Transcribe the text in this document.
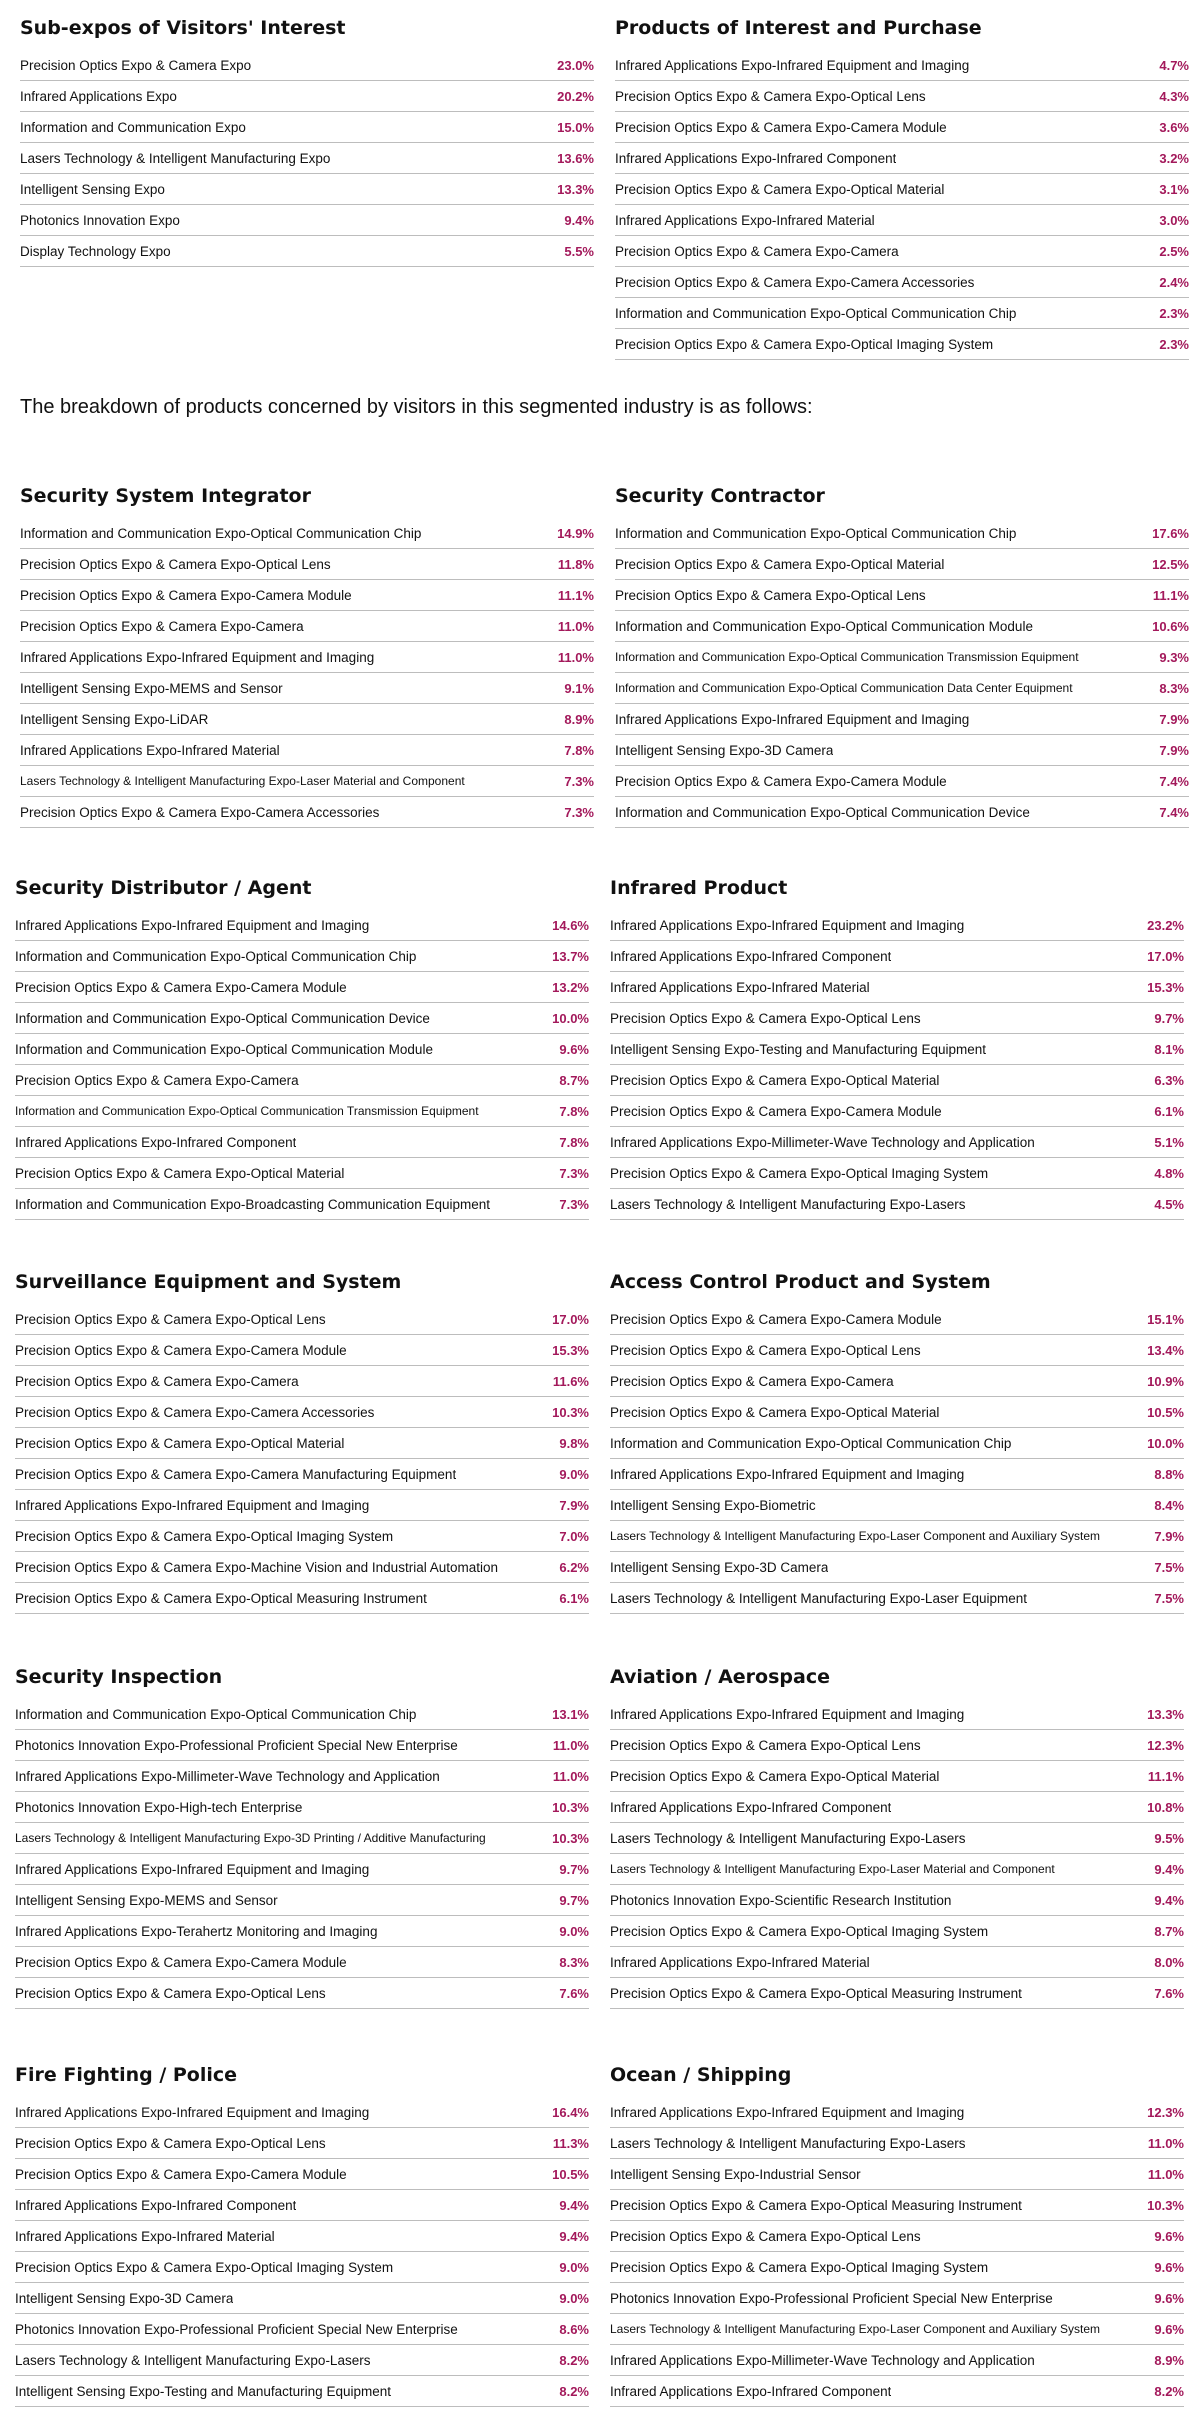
Sub-expos of Visitors' Interest
Precision Optics Expo & Camera Expo	23.0%
Infrared Applications Expo	20.2%
Information and Communication Expo	15.0%
Lasers Technology & Intelligent Manufacturing Expo	13.6%
Intelligent Sensing Expo	13.3%
Photonics Innovation Expo	9.4%
Display Technology Expo	5.5%
Products of Interest and Purchase
Infrared Applications Expo-Infrared Equipment and Imaging	4.7%
Precision Optics Expo & Camera Expo-Optical Lens	4.3%
Precision Optics Expo & Camera Expo-Camera Module	3.6%
Infrared Applications Expo-Infrared Component	3.2%
Precision Optics Expo & Camera Expo-Optical Material	3.1%
Infrared Applications Expo-Infrared Material	3.0%
Precision Optics Expo & Camera Expo-Camera	2.5%
Precision Optics Expo & Camera Expo-Camera Accessories	2.4%
Information and Communication Expo-Optical Communication Chip	2.3%
Precision Optics Expo & Camera Expo-Optical Imaging System	2.3%
The breakdown of products concerned by visitors in this segmented industry is as follows:
Security System Integrator
Information and Communication Expo-Optical Communication Chip	14.9%
Precision Optics Expo & Camera Expo-Optical Lens	11.8%
Precision Optics Expo & Camera Expo-Camera Module	11.1%
Precision Optics Expo & Camera Expo-Camera	11.0%
Infrared Applications Expo-Infrared Equipment and Imaging	11.0%
Intelligent Sensing Expo-MEMS and Sensor	9.1%
Intelligent Sensing Expo-LiDAR	8.9%
Infrared Applications Expo-Infrared Material	7.8%
Lasers Technology & Intelligent Manufacturing Expo-Laser Material and Component	7.3%
Precision Optics Expo & Camera Expo-Camera Accessories	7.3%
Security Contractor
Information and Communication Expo-Optical Communication Chip	17.6%
Precision Optics Expo & Camera Expo-Optical Material	12.5%
Precision Optics Expo & Camera Expo-Optical Lens	11.1%
Information and Communication Expo-Optical Communication Module	10.6%
Information and Communication Expo-Optical Communication Transmission Equipment	9.3%
Information and Communication Expo-Optical Communication Data Center Equipment	8.3%
Infrared Applications Expo-Infrared Equipment and Imaging	7.9%
Intelligent Sensing Expo-3D Camera	7.9%
Precision Optics Expo & Camera Expo-Camera Module	7.4%
Information and Communication Expo-Optical Communication Device	7.4%
Security Distributor / Agent
Infrared Applications Expo-Infrared Equipment and Imaging	14.6%
Information and Communication Expo-Optical Communication Chip	13.7%
Precision Optics Expo & Camera Expo-Camera Module	13.2%
Information and Communication Expo-Optical Communication Device	10.0%
Information and Communication Expo-Optical Communication Module	9.6%
Precision Optics Expo & Camera Expo-Camera	8.7%
Information and Communication Expo-Optical Communication Transmission Equipment	7.8%
Infrared Applications Expo-Infrared Component	7.8%
Precision Optics Expo & Camera Expo-Optical Material	7.3%
Information and Communication Expo-Broadcasting Communication Equipment	7.3%
Infrared Product
Infrared Applications Expo-Infrared Equipment and Imaging	23.2%
Infrared Applications Expo-Infrared Component	17.0%
Infrared Applications Expo-Infrared Material	15.3%
Precision Optics Expo & Camera Expo-Optical Lens	9.7%
Intelligent Sensing Expo-Testing and Manufacturing Equipment	8.1%
Precision Optics Expo & Camera Expo-Optical Material	6.3%
Precision Optics Expo & Camera Expo-Camera Module	6.1%
Infrared Applications Expo-Millimeter-Wave Technology and Application	5.1%
Precision Optics Expo & Camera Expo-Optical Imaging System	4.8%
Lasers Technology & Intelligent Manufacturing Expo-Lasers	4.5%
Surveillance Equipment and System
Precision Optics Expo & Camera Expo-Optical Lens	17.0%
Precision Optics Expo & Camera Expo-Camera Module	15.3%
Precision Optics Expo & Camera Expo-Camera	11.6%
Precision Optics Expo & Camera Expo-Camera Accessories	10.3%
Precision Optics Expo & Camera Expo-Optical Material	9.8%
Precision Optics Expo & Camera Expo-Camera Manufacturing Equipment	9.0%
Infrared Applications Expo-Infrared Equipment and Imaging	7.9%
Precision Optics Expo & Camera Expo-Optical Imaging System	7.0%
Precision Optics Expo & Camera Expo-Machine Vision and Industrial Automation	6.2%
Precision Optics Expo & Camera Expo-Optical Measuring Instrument	6.1%
Access Control Product and System
Precision Optics Expo & Camera Expo-Camera Module	15.1%
Precision Optics Expo & Camera Expo-Optical Lens	13.4%
Precision Optics Expo & Camera Expo-Camera	10.9%
Precision Optics Expo & Camera Expo-Optical Material	10.5%
Information and Communication Expo-Optical Communication Chip	10.0%
Infrared Applications Expo-Infrared Equipment and Imaging	8.8%
Intelligent Sensing Expo-Biometric	8.4%
Lasers Technology & Intelligent Manufacturing Expo-Laser Component and Auxiliary System	7.9%
Intelligent Sensing Expo-3D Camera	7.5%
Lasers Technology & Intelligent Manufacturing Expo-Laser Equipment	7.5%
Security Inspection
Information and Communication Expo-Optical Communication Chip	13.1%
Photonics Innovation Expo-Professional Proficient Special New Enterprise	11.0%
Infrared Applications Expo-Millimeter-Wave Technology and Application	11.0%
Photonics Innovation Expo-High-tech Enterprise	10.3%
Lasers Technology & Intelligent Manufacturing Expo-3D Printing / Additive Manufacturing	10.3%
Infrared Applications Expo-Infrared Equipment and Imaging	9.7%
Intelligent Sensing Expo-MEMS and Sensor	9.7%
Infrared Applications Expo-Terahertz Monitoring and Imaging	9.0%
Precision Optics Expo & Camera Expo-Camera Module	8.3%
Precision Optics Expo & Camera Expo-Optical Lens	7.6%
Aviation / Aerospace
Infrared Applications Expo-Infrared Equipment and Imaging	13.3%
Precision Optics Expo & Camera Expo-Optical Lens	12.3%
Precision Optics Expo & Camera Expo-Optical Material	11.1%
Infrared Applications Expo-Infrared Component	10.8%
Lasers Technology & Intelligent Manufacturing Expo-Lasers	9.5%
Lasers Technology & Intelligent Manufacturing Expo-Laser Material and Component	9.4%
Photonics Innovation Expo-Scientific Research Institution	9.4%
Precision Optics Expo & Camera Expo-Optical Imaging System	8.7%
Infrared Applications Expo-Infrared Material	8.0%
Precision Optics Expo & Camera Expo-Optical Measuring Instrument	7.6%
Fire Fighting / Police
Infrared Applications Expo-Infrared Equipment and Imaging	16.4%
Precision Optics Expo & Camera Expo-Optical Lens	11.3%
Precision Optics Expo & Camera Expo-Camera Module	10.5%
Infrared Applications Expo-Infrared Component	9.4%
Infrared Applications Expo-Infrared Material	9.4%
Precision Optics Expo & Camera Expo-Optical Imaging System	9.0%
Intelligent Sensing Expo-3D Camera	9.0%
Photonics Innovation Expo-Professional Proficient Special New Enterprise	8.6%
Lasers Technology & Intelligent Manufacturing Expo-Lasers	8.2%
Intelligent Sensing Expo-Testing and Manufacturing Equipment	8.2%
Ocean / Shipping
Infrared Applications Expo-Infrared Equipment and Imaging	12.3%
Lasers Technology & Intelligent Manufacturing Expo-Lasers	11.0%
Intelligent Sensing Expo-Industrial Sensor	11.0%
Precision Optics Expo & Camera Expo-Optical Measuring Instrument	10.3%
Precision Optics Expo & Camera Expo-Optical Lens	9.6%
Precision Optics Expo & Camera Expo-Optical Imaging System	9.6%
Photonics Innovation Expo-Professional Proficient Special New Enterprise	9.6%
Lasers Technology & Intelligent Manufacturing Expo-Laser Component and Auxiliary System	9.6%
Infrared Applications Expo-Millimeter-Wave Technology and Application	8.9%
Infrared Applications Expo-Infrared Component	8.2%
